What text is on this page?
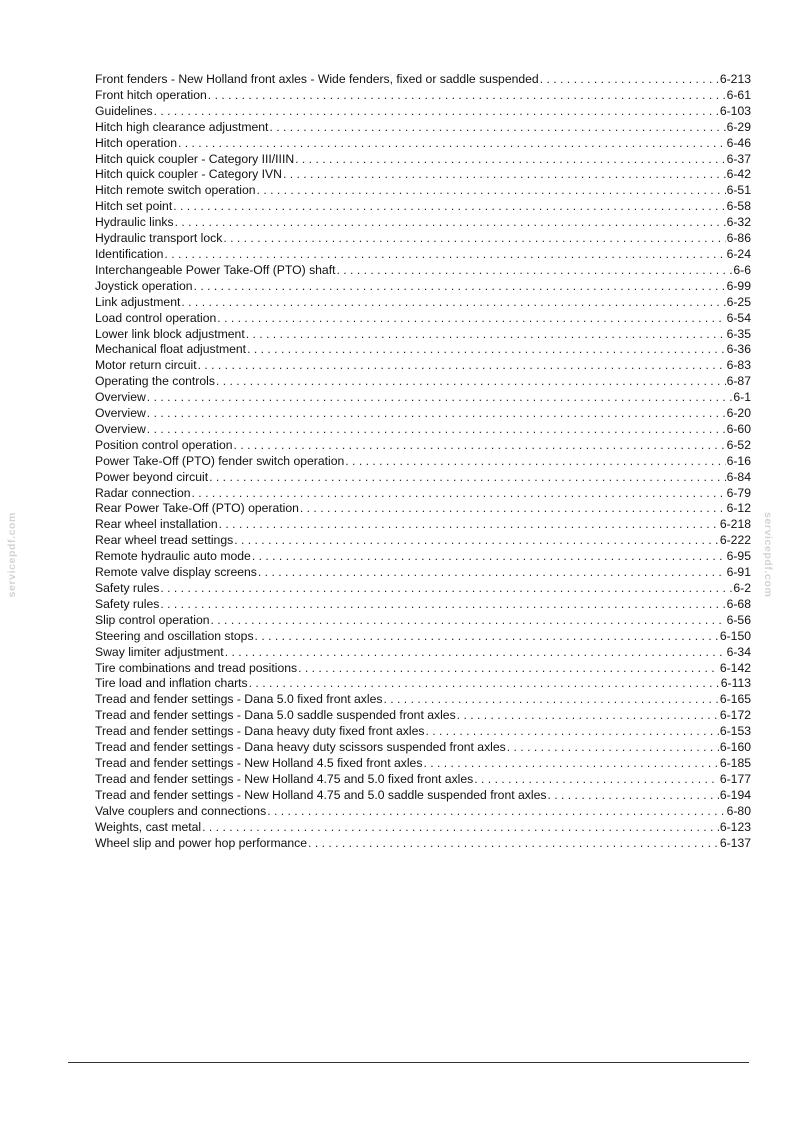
servicepdf.com	servicepdf.com
Front fenders - New Holland front axles - Wide fenders, fixed or saddle suspended . . .	6-213
Front hitch operation . . .	6-61
Guidelines . . .	6-103
Hitch high clearance adjustment . . .	6-29
Hitch operation . . .	6-46
Hitch quick coupler - Category III/IIIN . . .	6-37
Hitch quick coupler - Category IVN . . .	6-42
Hitch remote switch operation . . .	6-51
Hitch set point . . .	6-58
Hydraulic links . . .	6-32
Hydraulic transport lock . . .	6-86
Identification . . .	6-24
Interchangeable Power Take-Off (PTO) shaft . . .	6-6
Joystick operation . . .	6-99
Link adjustment . . .	6-25
Load control operation . . .	6-54
Lower link block adjustment . . .	6-35
Mechanical float adjustment . . .	6-36
Motor return circuit . . .	6-83
Operating the controls . . .	6-87
Overview . . .	6-1
Overview . . .	6-20
Overview . . .	6-60
Position control operation . . .	6-52
Power Take-Off (PTO) fender switch operation . . .	6-16
Power beyond circuit . . .	6-84
Radar connection . . .	6-79
Rear Power Take-Off (PTO) operation . . .	6-12
Rear wheel installation . . .	6-218
Rear wheel tread settings . . .	6-222
Remote hydraulic auto mode . . .	6-95
Remote valve display screens . . .	6-91
Safety rules . . .	6-2
Safety rules . . .	6-68
Slip control operation . . .	6-56
Steering and oscillation stops . . .	6-150
Sway limiter adjustment . . .	6-34
Tire combinations and tread positions . . .	6-142
Tire load and inflation charts . . .	6-113
Tread and fender settings - Dana 5.0 fixed front axles . . .	6-165
Tread and fender settings - Dana 5.0 saddle suspended front axles . . .	6-172
Tread and fender settings - Dana heavy duty fixed front axles . . .	6-153
Tread and fender settings - Dana heavy duty scissors suspended front axles . . .	6-160
Tread and fender settings - New Holland 4.5 fixed front axles . . .	6-185
Tread and fender settings - New Holland 4.75 and 5.0 fixed front axles . . .	6-177
Tread and fender settings - New Holland 4.75 and 5.0 saddle suspended front axles . . .	6-194
Valve couplers and connections . . .	6-80
Weights, cast metal . . .	6-123
Wheel slip and power hop performance . . .	6-137
